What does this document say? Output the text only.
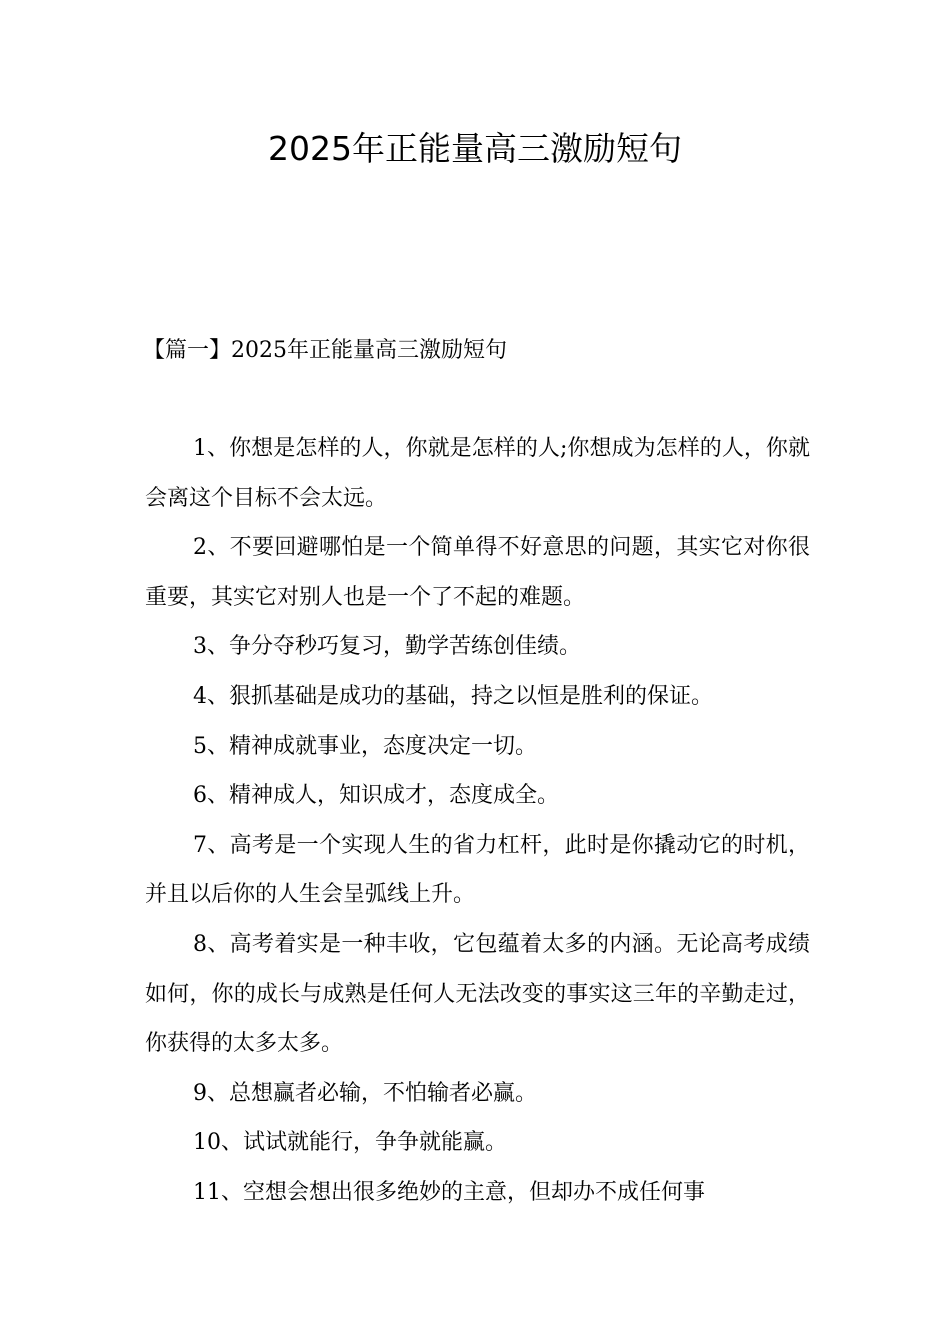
2025年正能量高三激励短句

【篇一】2025年正能量高三激励短句

1、你想是怎样的人，你就是怎样的人;你想成为怎样的人，你就会离这个目标不会太远。

2、不要回避哪怕是一个简单得不好意思的问题，其实它对你很重要，其实它对别人也是一个了不起的难题。

3、争分夺秒巧复习，勤学苦练创佳绩。

4、狠抓基础是成功的基础，持之以恒是胜利的保证。

5、精神成就事业，态度决定一切。

6、精神成人，知识成才，态度成全。

7、高考是一个实现人生的省力杠杆，此时是你撬动它的时机，并且以后你的人生会呈弧线上升。

8、高考着实是一种丰收，它包蕴着太多的内涵。无论高考成绩如何，你的成长与成熟是任何人无法改变的事实这三年的辛勤走过，你获得的太多太多。

9、总想赢者必输，不怕输者必赢。

10、试试就能行，争争就能赢。

11、空想会想出很多绝妙的主意，但却办不成任何事
